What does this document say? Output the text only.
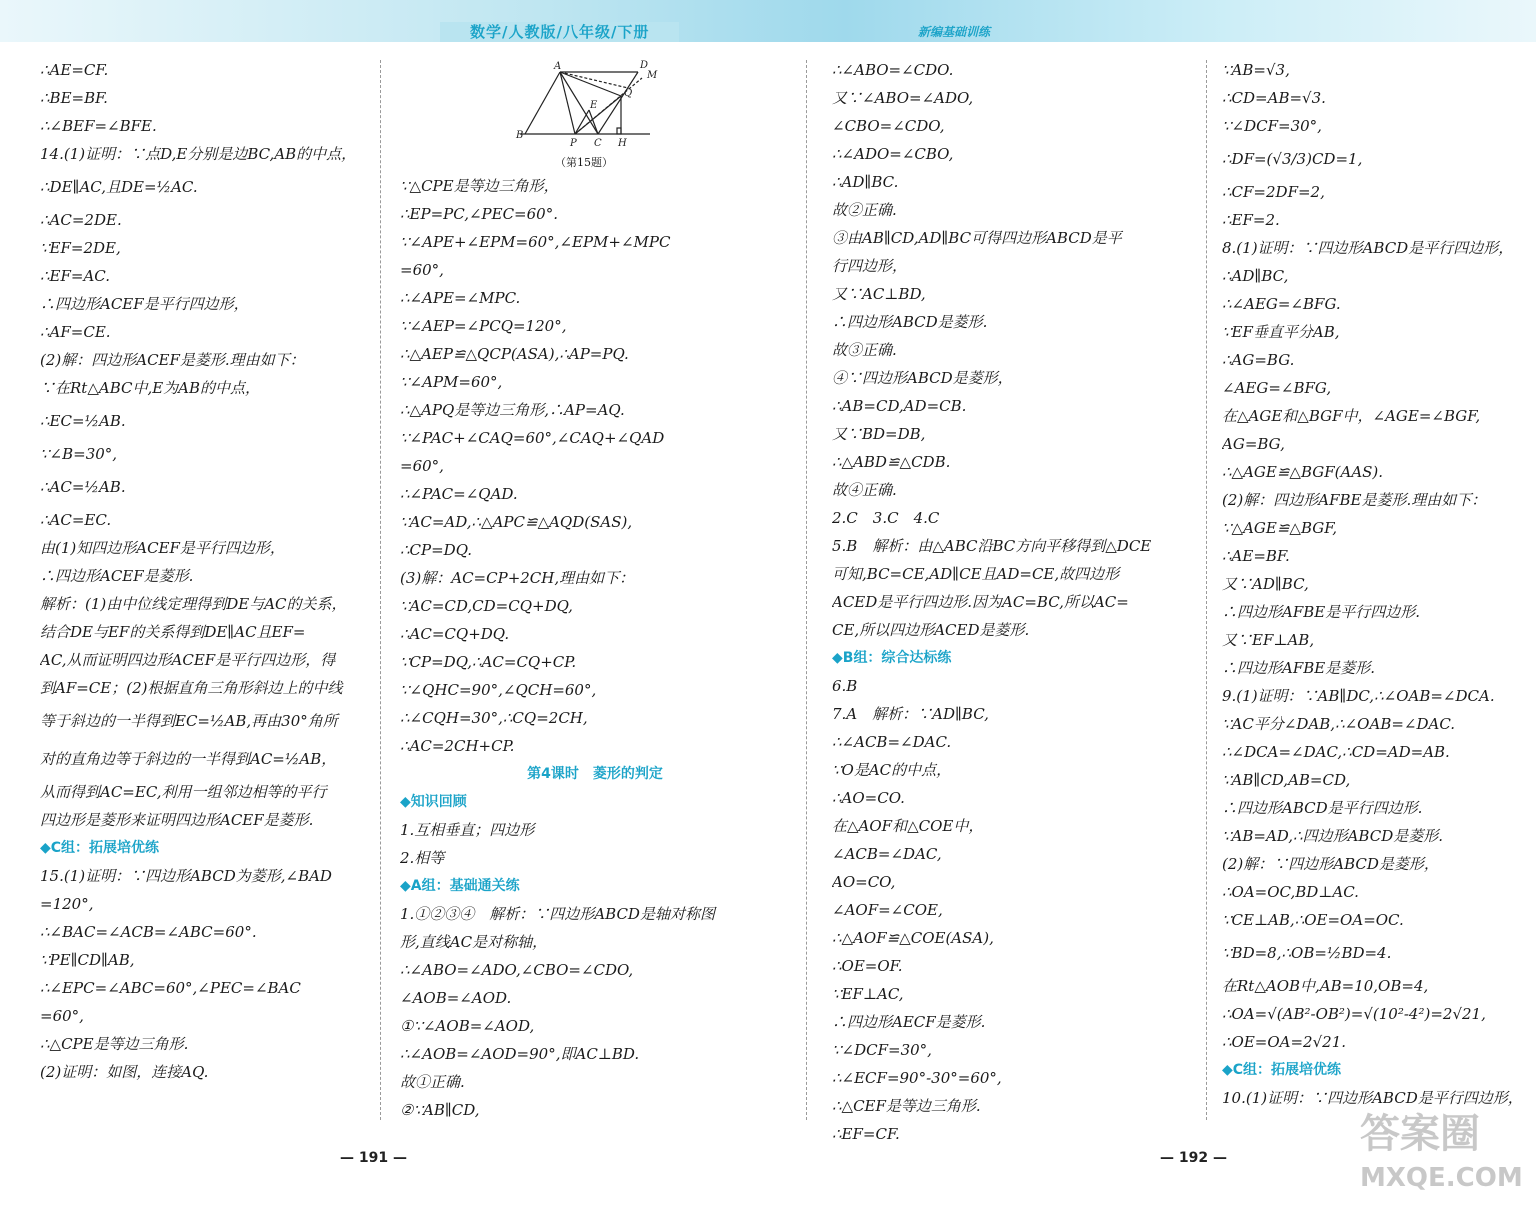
数学/人教版/八年级/下册	新编基础训练
A	D
M
Q
E
B
P C H
（第15题）
∴AE=CF.
∴BE=BF.
∴∠BEF=∠BFE.
14.(1)证明：∵点D,E分别是边BC,AB的中点，
∴DE∥AC,且DE=½AC.
∴AC=2DE.
∵EF=2DE,
∴EF=AC.
∴四边形ACEF是平行四边形，
∴AF=CE.
(2)解：四边形ACEF是菱形.理由如下：
∵在Rt△ABC中,E为AB的中点，
∴EC=½AB.
∵∠B=30°,
∴AC=½AB.
∴AC=EC.
由(1)知四边形ACEF是平行四边形，
∴四边形ACEF是菱形.
解析：(1)由中位线定理得到DE与AC的关系，
结合DE与EF的关系得到DE∥AC且EF=
AC,从而证明四边形ACEF是平行四边形，得
到AF=CE；(2)根据直角三角形斜边上的中线
等于斜边的一半得到EC=½AB,再由30°角所
对的直角边等于斜边的一半得到AC=½AB，
从而得到AC=EC,利用一组邻边相等的平行
四边形是菱形来证明四边形ACEF是菱形.
◆C组：拓展培优练
15.(1)证明：∵四边形ABCD为菱形,∠BAD
=120°,
∴∠BAC=∠ACB=∠ABC=60°.
∵PE∥CD∥AB,
∴∠EPC=∠ABC=60°,∠PEC=∠BAC
=60°,
∴△CPE是等边三角形.
(2)证明：如图，连接AQ.
∵△CPE是等边三角形，
∴EP=PC,∠PEC=60°.
∵∠APE+∠EPM=60°,∠EPM+∠MPC
=60°,
∴∠APE=∠MPC.
∵∠AEP=∠PCQ=120°,
∴△AEP≌△QCP(ASA),∴AP=PQ.
∵∠APM=60°,
∴△APQ是等边三角形,∴AP=AQ.
∵∠PAC+∠CAQ=60°,∠CAQ+∠QAD
=60°,
∴∠PAC=∠QAD.
∵AC=AD,∴△APC≌△AQD(SAS),
∴CP=DQ.
(3)解：AC=CP+2CH,理由如下：
∵AC=CD,CD=CQ+DQ,
∴AC=CQ+DQ.
∵CP=DQ,∴AC=CQ+CP.
∵∠QHC=90°,∠QCH=60°,
∴∠CQH=30°,∴CQ=2CH,
∴AC=2CH+CP.
第4课时　菱形的判定
◆知识回顾
1.互相垂直；四边形
2.相等
◆A组：基础通关练
1.①②③④　解析：∵四边形ABCD是轴对称图
形,直线AC是对称轴，
∴∠ABO=∠ADO,∠CBO=∠CDO,
∠AOB=∠AOD.
①∵∠AOB=∠AOD,
∴∠AOB=∠AOD=90°,即AC⊥BD.
故①正确.
②∵AB∥CD,
∴∠ABO=∠CDO.
又∵∠ABO=∠ADO,
∠CBO=∠CDO,
∴∠ADO=∠CBO,
∴AD∥BC.
故②正确.
③由AB∥CD,AD∥BC可得四边形ABCD是平
行四边形，
又∵AC⊥BD,
∴四边形ABCD是菱形.
故③正确.
④∵四边形ABCD是菱形，
∴AB=CD,AD=CB.
又∵BD=DB,
∴△ABD≌△CDB.
故④正确.
2.C　3.C　4.C
5.B　解析：由△ABC沿BC方向平移得到△DCE
可知,BC=CE,AD∥CE且AD=CE,故四边形
ACED是平行四边形.因为AC=BC,所以AC=
CE,所以四边形ACED是菱形.
◆B组：综合达标练
6.B
7.A　解析：∵AD∥BC,
∴∠ACB=∠DAC.
∵O是AC的中点，
∴AO=CO.
在△AOF和△COE中，
∠ACB=∠DAC,
AO=CO,
∠AOF=∠COE,
∴△AOF≌△COE(ASA),
∴OE=OF.
∵EF⊥AC,
∴四边形AECF是菱形.
∵∠DCF=30°,
∴∠ECF=90°-30°=60°,
∴△CEF是等边三角形.
∴EF=CF.
∵AB=√3,
∴CD=AB=√3.
∵∠DCF=30°,
∴DF=(√3/3)CD=1,
∴CF=2DF=2,
∴EF=2.
8.(1)证明：∵四边形ABCD是平行四边形，
∴AD∥BC,
∴∠AEG=∠BFG.
∵EF垂直平分AB,
∴AG=BG.
∠AEG=∠BFG,
在△AGE和△BGF中，∠AGE=∠BGF,
AG=BG,
∴△AGE≌△BGF(AAS).
(2)解：四边形AFBE是菱形.理由如下：
∵△AGE≌△BGF,
∴AE=BF.
又∵AD∥BC,
∴四边形AFBE是平行四边形.
又∵EF⊥AB,
∴四边形AFBE是菱形.
9.(1)证明：∵AB∥DC,∴∠OAB=∠DCA.
∵AC平分∠DAB,∴∠OAB=∠DAC.
∴∠DCA=∠DAC,∴CD=AD=AB.
∵AB∥CD,AB=CD,
∴四边形ABCD是平行四边形.
∵AB=AD,∴四边形ABCD是菱形.
(2)解：∵四边形ABCD是菱形，
∴OA=OC,BD⊥AC.
∵CE⊥AB,∴OE=OA=OC.
∵BD=8,∴OB=½BD=4.
在Rt△AOB中,AB=10,OB=4,
∴OA=√(AB²-OB²)=√(10²-4²)=2√21,
∴OE=OA=2√21.
◆C组：拓展培优练
10.(1)证明：∵四边形ABCD是平行四边形，
— 191 —	— 192 —
答案圈
MXQE.COM
